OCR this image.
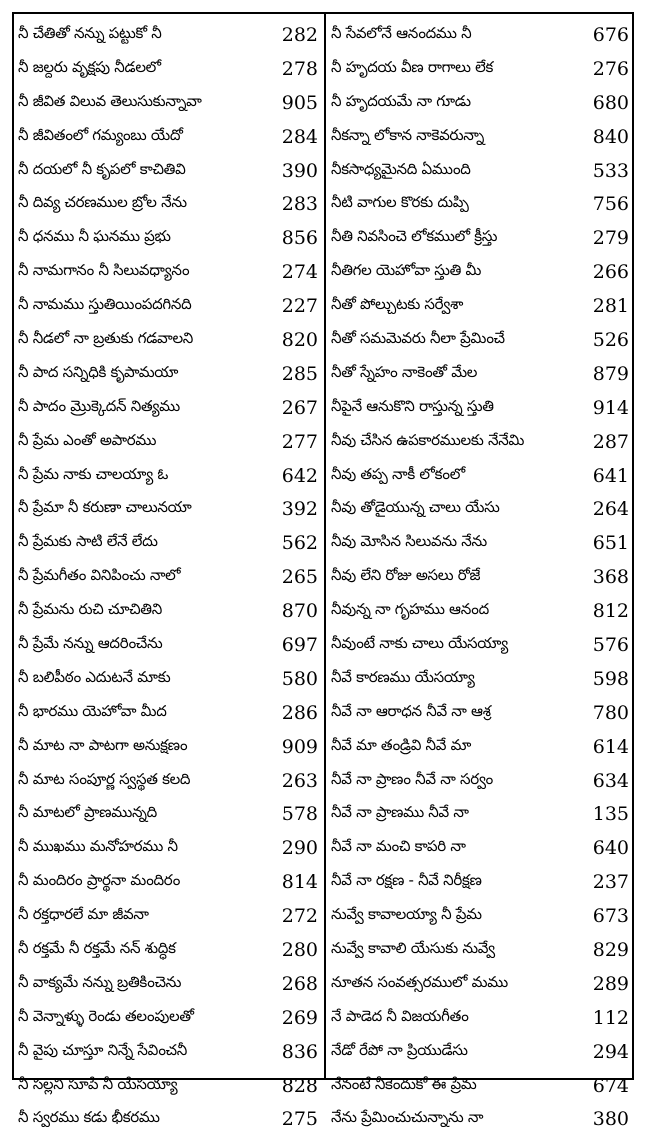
నీ చేతితో నన్ను పట్టుకో నీ	282
నీ జల్దరు వృక్షపు నీడలలో	278
నీ జీవిత విలువ తెలుసుకున్నావా	905
నీ జీవితంలో గమ్యంబు యేదో	284
నీ దయలో నీ కృపలో కాచితివి	390
నీ దివ్య చరణముల బ్రోల నేను	283
నీ ధనము నీ ఘనము ప్రభు	856
నీ నామగానం నీ సిలువధ్యానం	274
నీ నామము స్తుతియింపదగినది	227
నీ నీడలో నా బ్రతుకు గడవాలని	820
నీ పాద సన్నిధికి కృపామయా	285
నీ పాదం మ్రొక్కెదన్ నిత్యము	267
నీ ప్రేమ ఎంతో అపారము	277
నీ ప్రేమ నాకు చాలయ్యా ఓ	642
నీ ప్రేమా నీ కరుణా చాలునయా	392
నీ ప్రేమకు సాటి లేనే లేదు	562
నీ ప్రేమగీతం వినిపించు నాలో	265
నీ ప్రేమను రుచి చూచితిని	870
నీ ప్రేమే నన్ను ఆదరించేను	697
నీ బలిపీఠం ఎదుటనే మాకు	580
నీ భారము యెహోవా మీద	286
నీ మాట నా పాటగా అనుక్షణం	909
నీ మాట సంపూర్ణ స్వస్థత కలది	263
నీ మాటలో ప్రాణమున్నది	578
నీ ముఖము మనోహరము నీ	290
నీ మందిరం ప్రార్థనా మందిరం	814
నీ రక్తధారలే మా జీవనా	272
నీ రక్తమే నీ రక్తమే నన్ శుద్ధిక	280
నీ వాక్యమే నన్ను బ్రతికించెను	268
నీ వెన్నాళ్ళు రెండు తలంపులతో	269
నీ వైపు చూస్తూ నిన్నే సేవించనీ	836
నీ సల్లని సూపే నీ యేసయ్యా	828
నీ స్వరము కడు భీకరము	275
నీ సేవలోనే ఆనందము నీ	676
నీ హృదయ వీణ రాగాలు లేక	276
నీ హృదయమే నా గూడు	680
నీకన్నా లోకాన నాకెవరున్నా	840
నీకసాధ్యమైనది ఏముంది	533
నీటి వాగుల కొరకు దుప్పి	756
నీతి నివసించె లోకములో క్రీస్తు	279
నీతిగల యెహోవా స్తుతి మీ	266
నీతో పోల్చుటకు సర్వేశా	281
నీతో సమమెవరు నీలా ప్రేమించే	526
నీతో స్నేహం నాకెంతో మేల	879
నీపైనే ఆనుకొని రాస్తున్న స్తుతి	914
నీవు చేసిన ఉపకారములకు నేనేమి	287
నీవు తప్ప నాకీ లోకంలో	641
నీవు తోడైయున్న చాలు యేసు	264
నీవు మోసిన సిలువను నేను	651
నీవు లేని రోజు అసలు రోజే	368
నీవున్న నా గృహము ఆనంద	812
నీవుంటే నాకు చాలు యేసయ్యా	576
నీవే కారణము యేసయ్యా	598
నీవే నా ఆరాధన నీవే నా ఆశ్ర	780
నీవే మా తండ్రివి నీవే మా	614
నీవే నా ప్రాణం నీవే నా సర్వం	634
నీవే నా ప్రాణము నీవే నా	135
నీవే నా మంచి కాపరి నా	640
నీవే నా రక్షణ - నీవే నిరీక్షణ	237
నువ్వే కావాలయ్యా నీ ప్రేమ	673
నువ్వే కావాలి యేసుకు నువ్వే	829
నూతన సంవత్సరములో మము	289
నే పాడెద నీ విజయగీతం	112
నేడో రేపో నా ప్రియుడేసు	294
నేనంటే నీకెందుకో ఈ ప్రేమ	674
నేను ప్రేమించుచున్నాను నా	380
